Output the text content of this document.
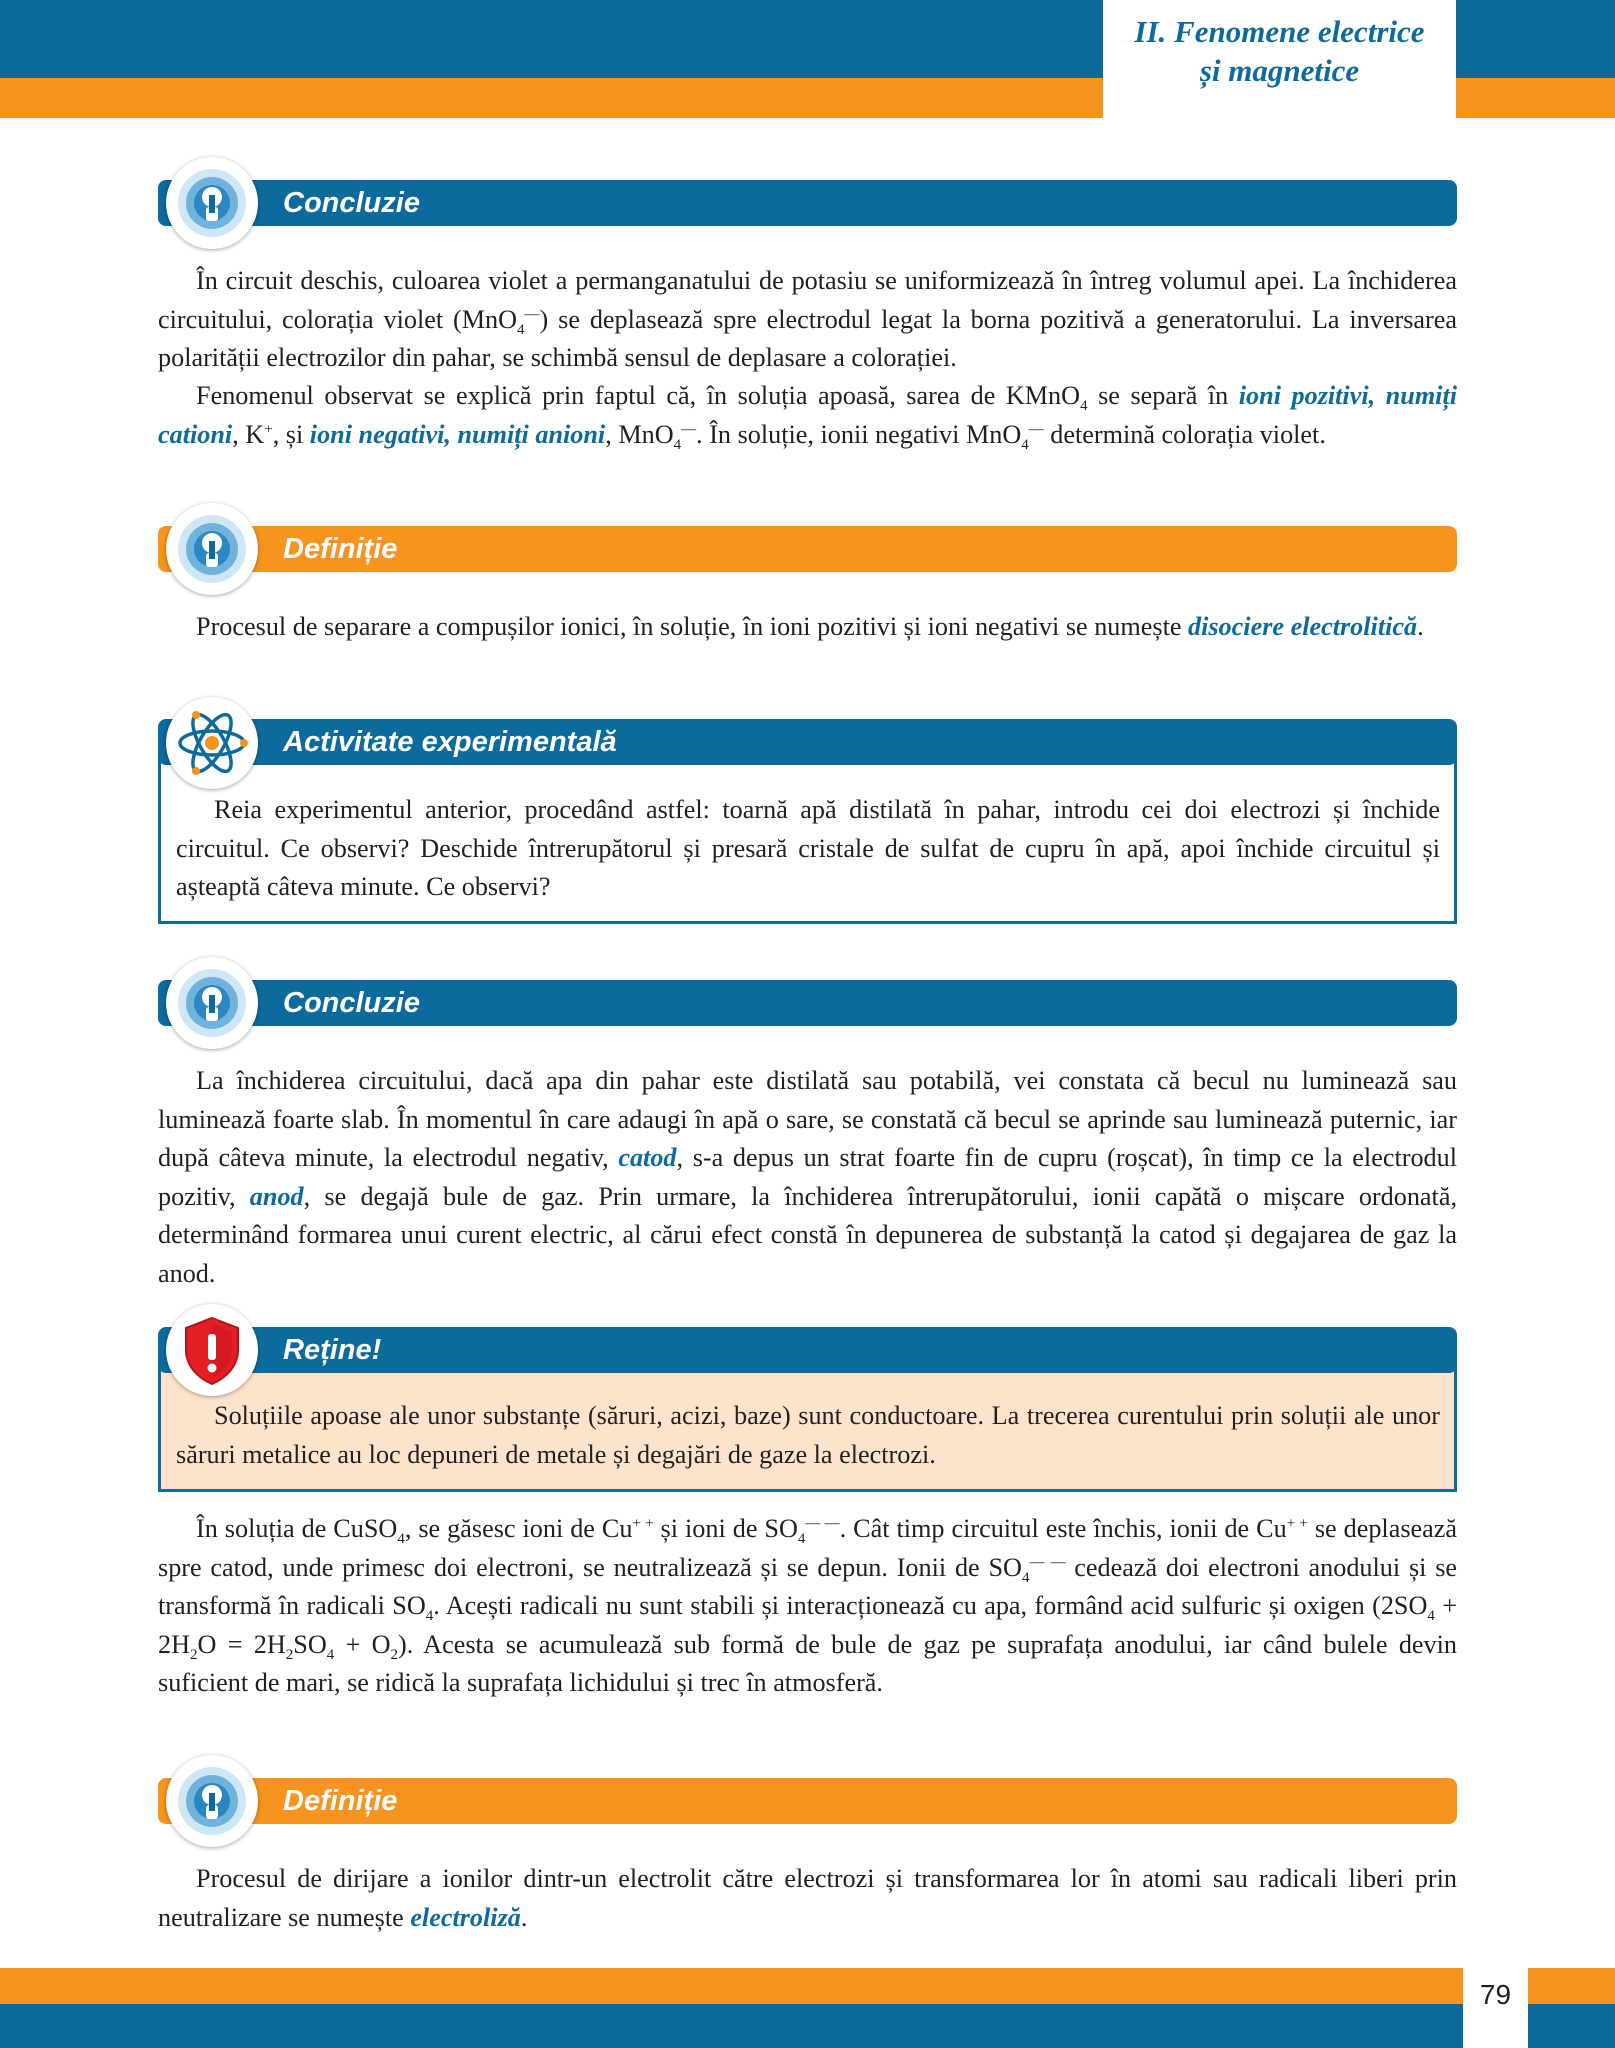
II. Fenomene electrice
și magnetice
Concluzie

În circuit deschis, culoarea violet a permanganatului de potasiu se uniformizează în întreg volumul apei. La închiderea circuitului, colorația violet (MnO$_4$—) se deplasează spre electrodul legat la borna pozitivă a generatorului. La inversarea polarității electrozilor din pahar, se schimbă sensul de deplasare a colorației.

Fenomenul observat se explică prin faptul că, în soluția apoasă, sarea de KMnO$_4$ se separă în ioni pozitivi, numiți cationi, K+, și ioni negativi, numiți anioni, MnO$_4$—. În soluție, ionii negativi MnO$_4$— determină colorația violet.

Definiție

Procesul de separare a compușilor ionici, în soluție, în ioni pozitivi și ioni negativi se numește disociere electrolitică.

Activitate experimentală

Reia experimentul anterior, procedând astfel: toarnă apă distilată în pahar, introdu cei doi electrozi și închide circuitul. Ce observi? Deschide întrerupătorul și presară cristale de sulfat de cupru în apă, apoi închide circuitul și așteaptă câteva minute. Ce observi?

Concluzie

La închiderea circuitului, dacă apa din pahar este distilată sau potabilă, vei constata că becul nu luminează sau luminează foarte slab. În momentul în care adaugi în apă o sare, se constată că becul se aprinde sau luminează puternic, iar după câteva minute, la electrodul negativ, catod, s-a depus un strat foarte fin de cupru (roșcat), în timp ce la electrodul pozitiv, anod, se degajă bule de gaz. Prin urmare, la închiderea întrerupătorului, ionii capătă o mișcare ordonată, determinând formarea unui curent electric, al cărui efect constă în depunerea de substanță la catod și degajarea de gaz la anod.

Reține!

Soluțiile apoase ale unor substanțe (săruri, acizi, baze) sunt conductoare. La trecerea curentului prin soluții ale unor săruri metalice au loc depuneri de metale și degajări de gaze la electrozi.

În soluția de CuSO$_4$, se găsesc ioni de Cu+ + și ioni de $SO_4^{— —}$. Cât timp circuitul este închis, ionii de Cu+ + se deplasează spre catod, unde primesc doi electroni, se neutralizează și se depun. Ionii de $SO_4^{— —}$ cedează doi electroni anodului și se transformă în radicali $SO_4$. Acești radicali nu sunt stabili și interacționează cu apa, formând acid sulfuric și oxigen $(2SO_4 + 2H_2O = 2H_2SO_4 + O_2)$. Acesta se acumulează sub formă de bule de gaz pe suprafața anodului, iar când bulele devin suficient de mari, se ridică la suprafața lichidului și trec în atmosferă.

Definiție

Procesul de dirijare a ionilor dintr-un electrolit către electrozi și transformarea lor în atomi sau radicali liberi prin neutralizare se numește electroliză.

79
